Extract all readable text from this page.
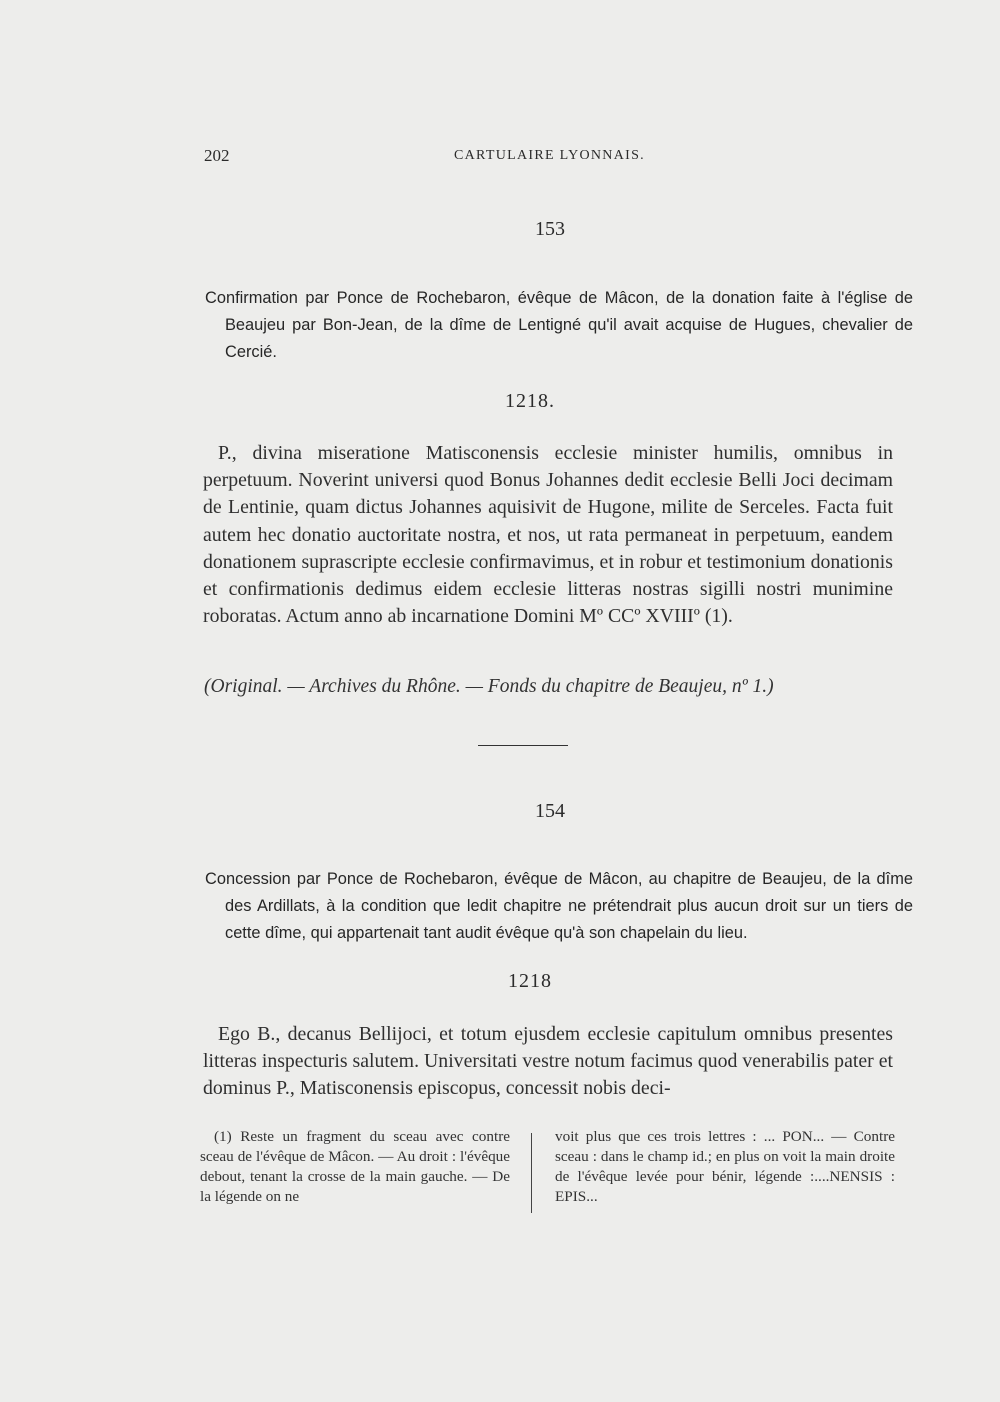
202	CARTULAIRE LYONNAIS.
153
Confirmation par Ponce de Rochebaron, évêque de Mâcon, de la donation faite à l'église de Beaujeu par Bon-Jean, de la dîme de Lentigné qu'il avait acquise de Hugues, chevalier de Cercié.
1218.
P., divina miseratione Matisconensis ecclesie minister humilis, omnibus in perpetuum. Noverint universi quod Bonus Johannes dedit ecclesie Belli Joci decimam de Lentinie, quam dictus Johannes aquisivit de Hugone, milite de Serceles. Facta fuit autem hec donatio auctoritate nostra, et nos, ut rata permaneat in perpetuum, eandem donationem suprascripte ecclesie confirmavimus, et in robur et testimonium donationis et confirmationis dedimus eidem ecclesie litteras nostras sigilli nostri munimine roboratas. Actum anno ab incarnatione Domini Mº CCº XVIIIº (1).
(Original. — Archives du Rhône. — Fonds du chapitre de Beaujeu, nº 1.)
154
Concession par Ponce de Rochebaron, évêque de Mâcon, au chapitre de Beaujeu, de la dîme des Ardillats, à la condition que ledit chapitre ne prétendrait plus aucun droit sur un tiers de cette dîme, qui appartenait tant audit évêque qu'à son chapelain du lieu.
1218
Ego B., decanus Bellijoci, et totum ejusdem ecclesie capitulum omnibus presentes litteras inspecturis salutem. Universitati vestre notum facimus quod venerabilis pater et dominus P., Matisconensis episcopus, concessit nobis deci-
(1) Reste un fragment du sceau avec contre sceau de l'évêque de Mâcon. — Au droit : l'évêque debout, tenant la crosse de la main gauche. — De la légende on ne
voit plus que ces trois lettres : ... PON... — Contre sceau : dans le champ id.; en plus on voit la main droite de l'évêque levée pour bénir, légende :....NENSIS : EPIS...
